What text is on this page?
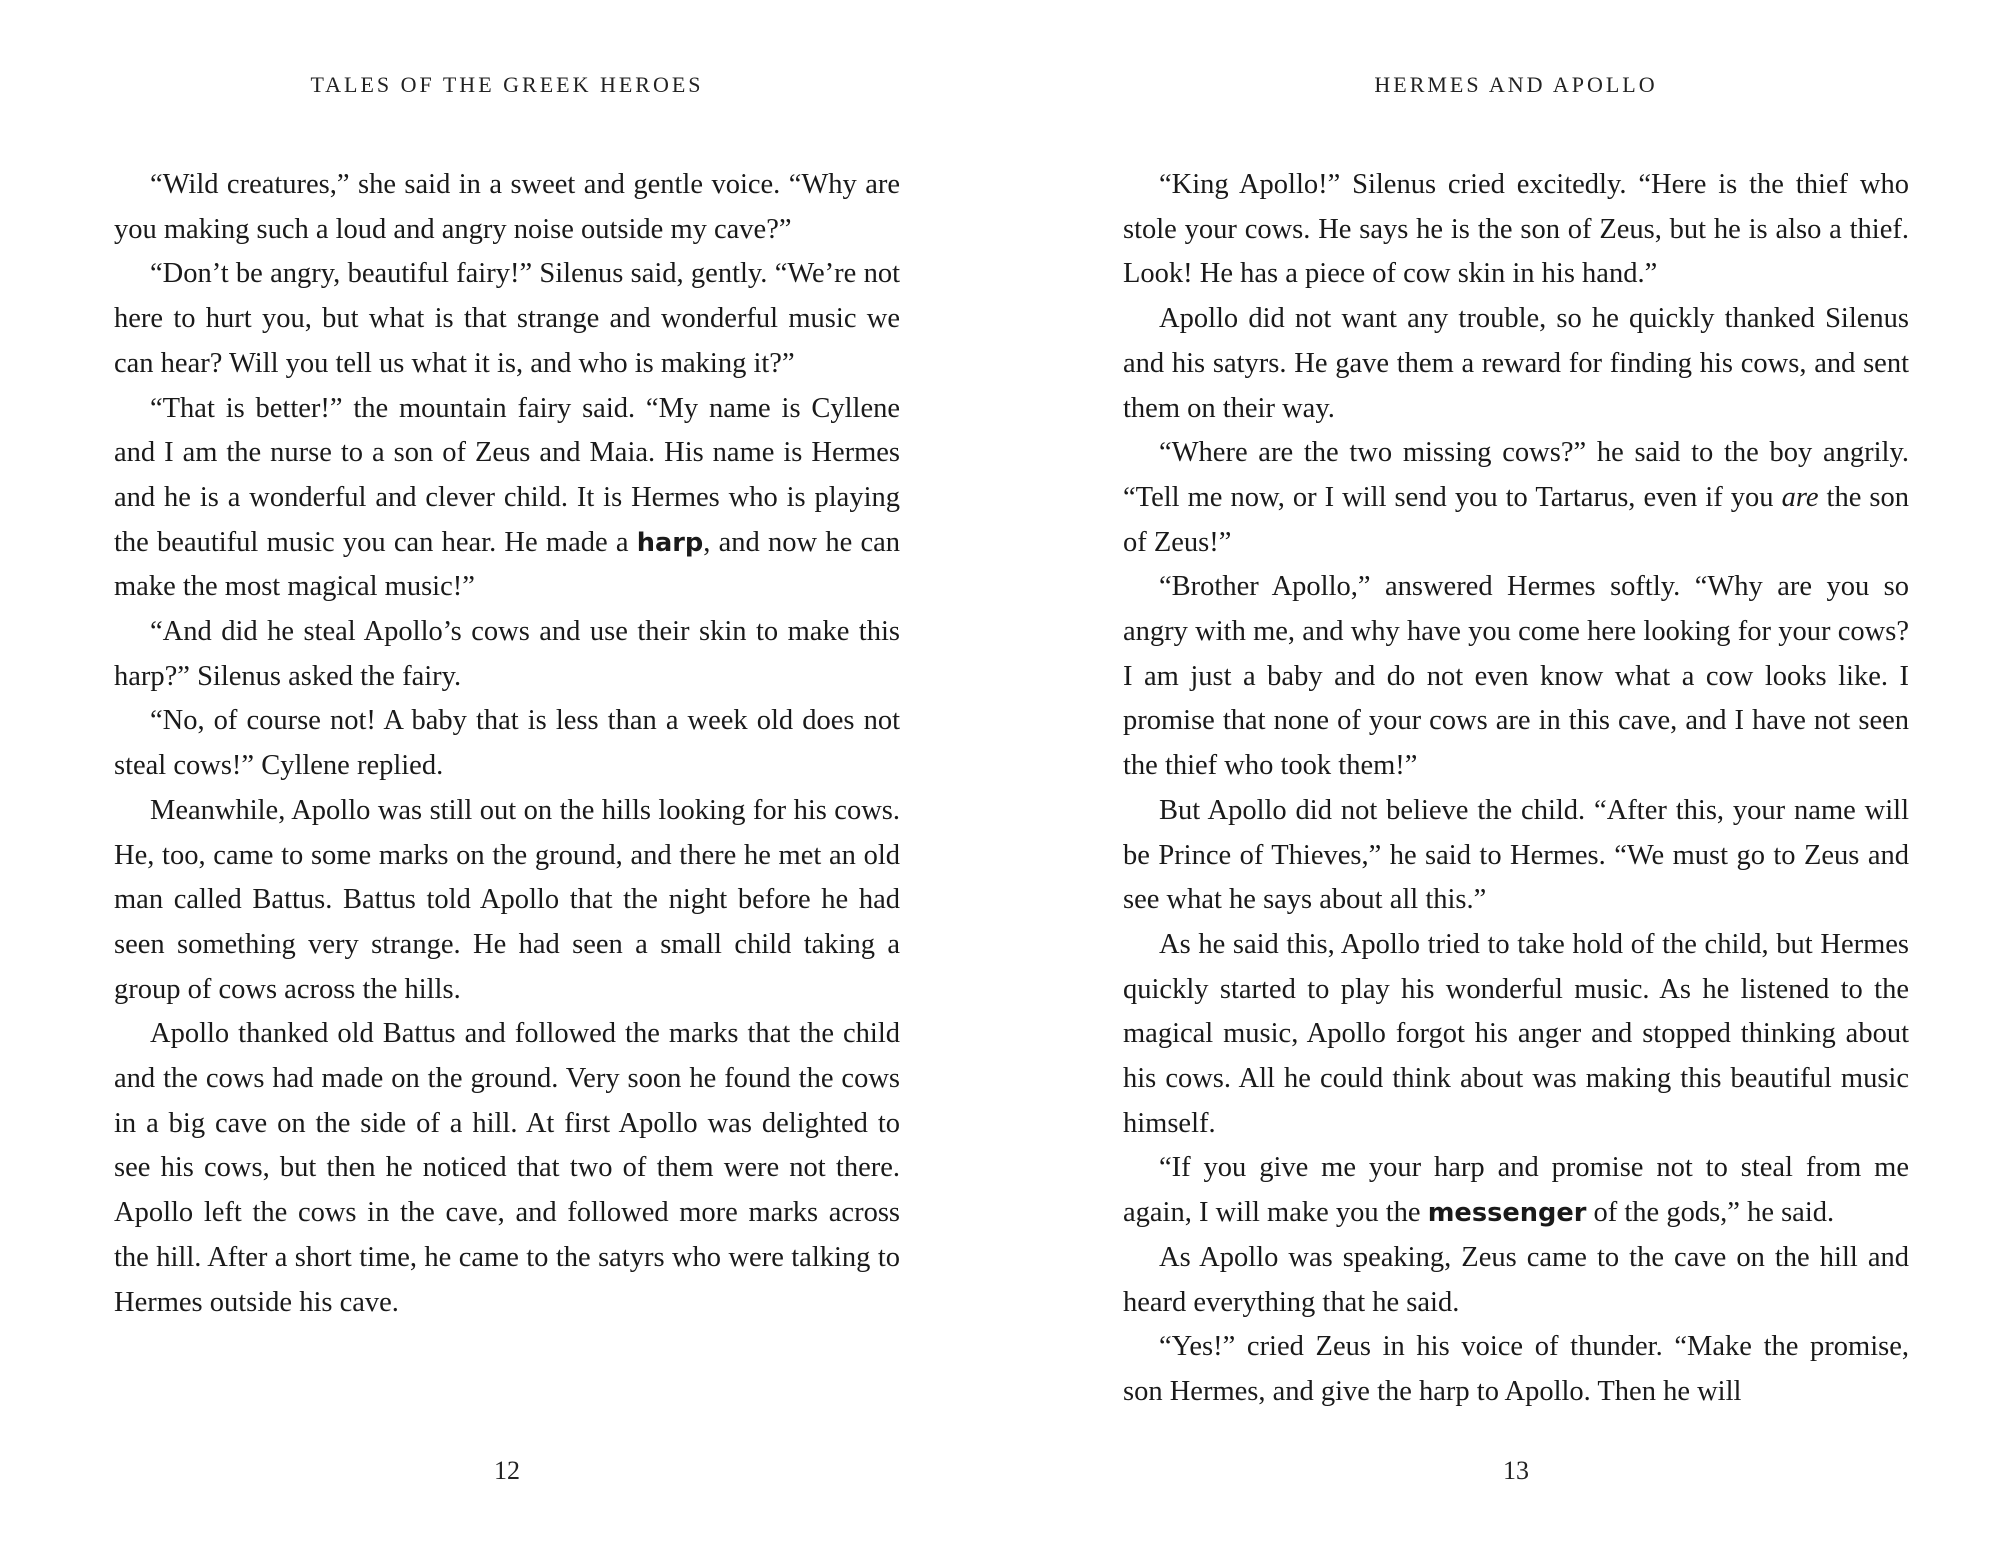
TALES OF THE GREEK HEROES

“Wild creatures,” she said in a sweet and gentle voice. “Why are you making such a loud and angry noise outside my cave?”

“Don’t be angry, beautiful fairy!” Silenus said, gently. “We’re not here to hurt you, but what is that strange and wonderful music we can hear? Will you tell us what it is, and who is making it?”

“That is better!” the mountain fairy said. “My name is Cyllene and I am the nurse to a son of Zeus and Maia. His name is Hermes and he is a wonderful and clever child. It is Hermes who is playing the beautiful music you can hear. He made a harp, and now he can make the most magical music!”

“And did he steal Apollo’s cows and use their skin to make this harp?” Silenus asked the fairy.

“No, of course not! A baby that is less than a week old does not steal cows!” Cyllene replied.

Meanwhile, Apollo was still out on the hills looking for his cows. He, too, came to some marks on the ground, and there he met an old man called Battus. Battus told Apollo that the night before he had seen something very strange. He had seen a small child taking a group of cows across the hills.

Apollo thanked old Battus and followed the marks that the child and the cows had made on the ground. Very soon he found the cows in a big cave on the side of a hill. At first Apollo was delighted to see his cows, but then he noticed that two of them were not there. Apollo left the cows in the cave, and followed more marks across the hill. After a short time, he came to the satyrs who were talking to Hermes outside his cave.

12
HERMES AND APOLLO

“King Apollo!” Silenus cried excitedly. “Here is the thief who stole your cows. He says he is the son of Zeus, but he is also a thief. Look! He has a piece of cow skin in his hand.”

Apollo did not want any trouble, so he quickly thanked Silenus and his satyrs. He gave them a reward for finding his cows, and sent them on their way.

“Where are the two missing cows?” he said to the boy angrily. “Tell me now, or I will send you to Tartarus, even if you are the son of Zeus!”

“Brother Apollo,” answered Hermes softly. “Why are you so angry with me, and why have you come here looking for your cows? I am just a baby and do not even know what a cow looks like. I promise that none of your cows are in this cave, and I have not seen the thief who took them!”

But Apollo did not believe the child. “After this, your name will be Prince of Thieves,” he said to Hermes. “We must go to Zeus and see what he says about all this.”

As he said this, Apollo tried to take hold of the child, but Hermes quickly started to play his wonderful music. As he listened to the magical music, Apollo forgot his anger and stopped thinking about his cows. All he could think about was making this beautiful music himself.

“If you give me your harp and promise not to steal from me again, I will make you the messenger of the gods,” he said.

As Apollo was speaking, Zeus came to the cave on the hill and heard everything that he said.

“Yes!” cried Zeus in his voice of thunder. “Make the promise, son Hermes, and give the harp to Apollo. Then he will

13
